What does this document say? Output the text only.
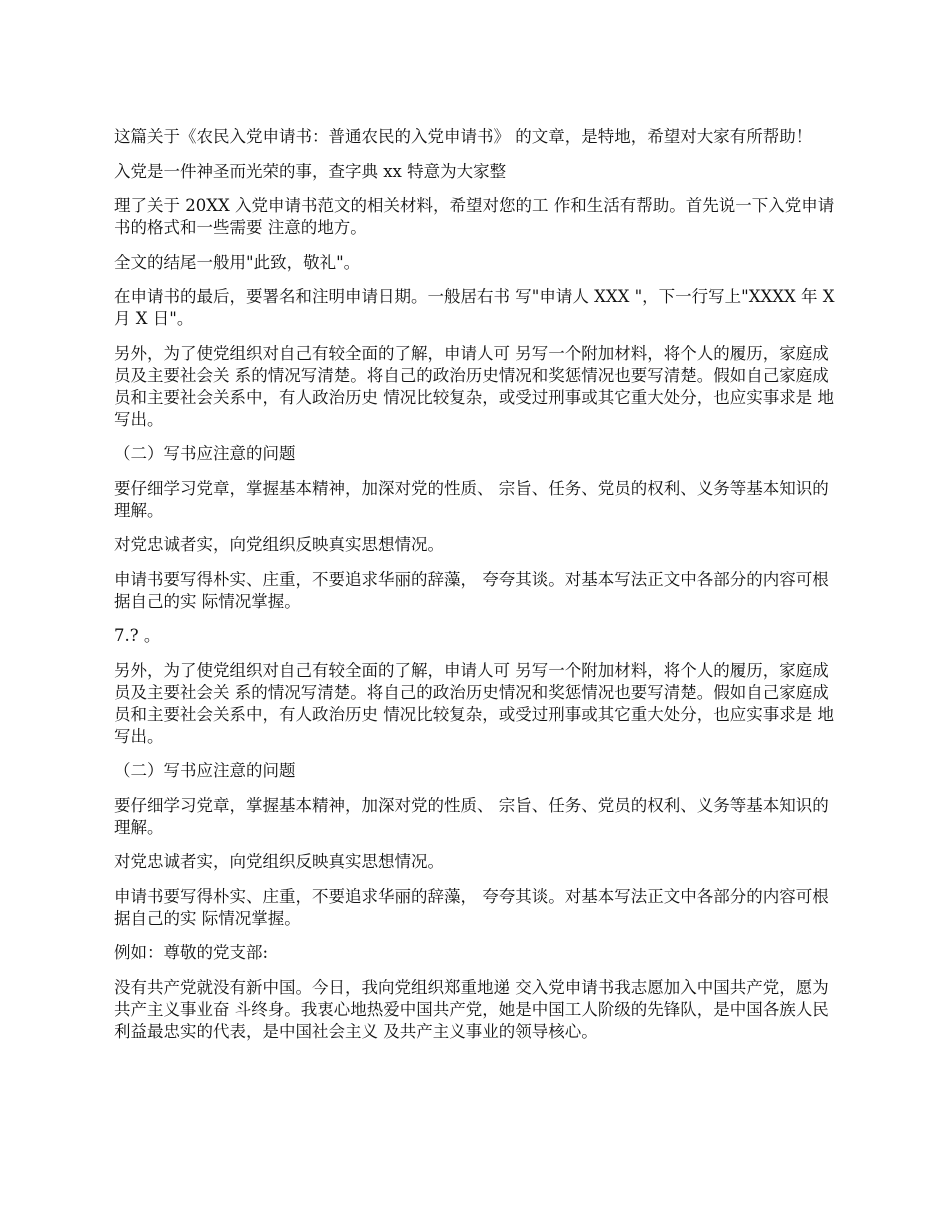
这篇关于《农民入党申请书：普通农民的入党申请书》 的文章，是特地，希望对大家有所帮助！

入党是一件神圣而光荣的事，查字典 xx 特意为大家整

理了关于 20XX 入党申请书范文的相关材料，希望对您的工 作和生活有帮助。首先说一下入党申请书的格式和一些需要 注意的地方。

全文的结尾一般用"此致，敬礼"。

在申请书的最后，要署名和注明申请日期。一般居右书 写"申请人 XXX "，下一行写上"XXXX 年 X 月 X 日"。

另外，为了使党组织对自己有较全面的了解，申请人可 另写一个附加材料，将个人的履历，家庭成员及主要社会关 系的情况写清楚。将自己的政治历史情况和奖惩情况也要写清楚。假如自己家庭成员和主要社会关系中，有人政治历史 情况比较复杂，或受过刑事或其它重大处分，也应实事求是 地写出。

（二）写书应注意的问题

要仔细学习党章，掌握基本精神，加深对党的性质、 宗旨、任务、党员的权利、义务等基本知识的理解。

对党忠诚者实，向党组织反映真实思想情况。

申请书要写得朴实、庄重，不要追求华丽的辞藻， 夸夸其谈。对基本写法正文中各部分的内容可根据自己的实 际情况掌握。

7.? 。

另外，为了使党组织对自己有较全面的了解，申请人可 另写一个附加材料，将个人的履历，家庭成员及主要社会关 系的情况写清楚。将自己的政治历史情况和奖惩情况也要写清楚。假如自己家庭成员和主要社会关系中，有人政治历史 情况比较复杂，或受过刑事或其它重大处分，也应实事求是 地写出。

（二）写书应注意的问题

要仔细学习党章，掌握基本精神，加深对党的性质、 宗旨、任务、党员的权利、义务等基本知识的理解。

对党忠诚者实，向党组织反映真实思想情况。

申请书要写得朴实、庄重，不要追求华丽的辞藻， 夸夸其谈。对基本写法正文中各部分的内容可根据自己的实 际情况掌握。

例如：尊敬的党支部:

没有共产党就没有新中国。今日，我向党组织郑重地递 交入党申请书我志愿加入中国共产党，愿为共产主义事业奋 斗终身。我衷心地热爱中国共产党，她是中国工人阶级的先锋队，是中国各族人民利益最忠实的代表，是中国社会主义 及共产主义事业的领导核心。
